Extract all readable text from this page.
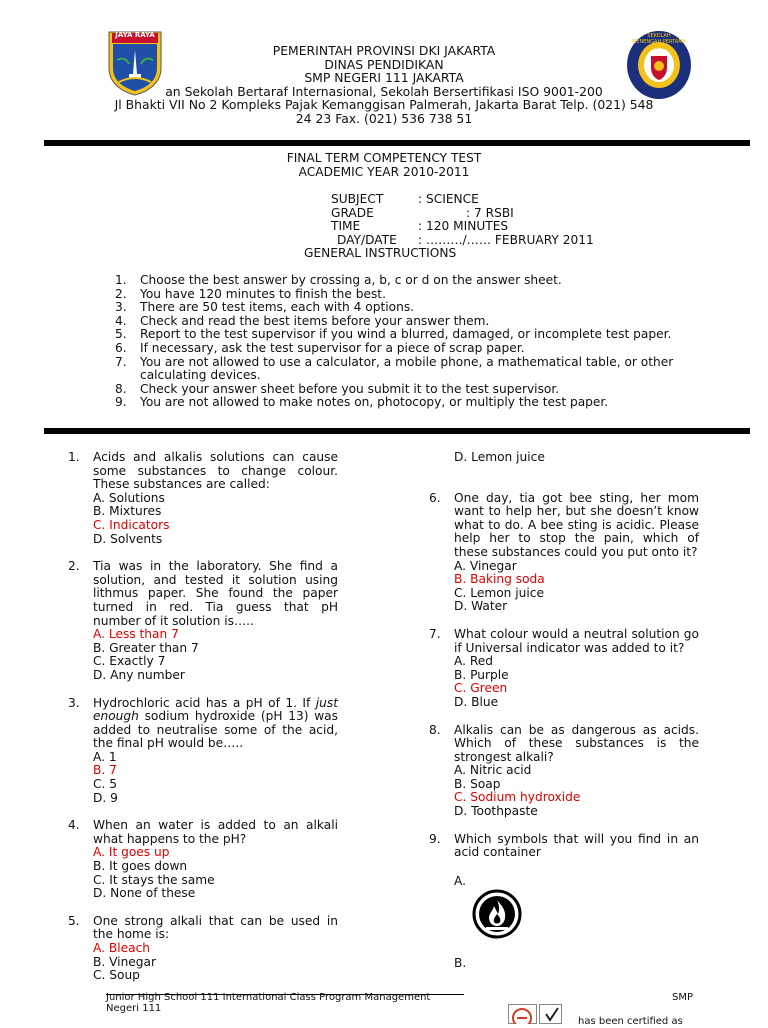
JAYA RAYA	SEKOLAH MENENGAH PERTAMA JAKARTA
PEMERINTAH PROVINSI DKI JAKARTA
DINAS PENDIDIKAN
SMP NEGERI 111 JAKARTA
an Sekolah Bertaraf Internasional, Sekolah Bersertifikasi ISO 9001-200
Jl Bhakti VII No 2 Kompleks Pajak Kemanggisan Palmerah, Jakarta Barat Telp. (021) 548
24 23 Fax. (021) 536 738 51
FINAL TERM COMPETENCY TEST
ACADEMIC YEAR 2010-2011
SUBJECT	: SCIENCE
GRADE	: 7 RSBI
TIME	: 120 MINUTES
DAY/DATE : ………/…… FEBRUARY 2011
GENERAL INSTRUCTIONS
1. Choose the best answer by crossing a, b, c or d on the answer sheet.
2. You have 120 minutes to finish the best.
3. There are 50 test items, each with 4 options.
4. Check and read the best items before your answer them.
5. Report to the test supervisor if you wind a blurred, damaged, or incomplete test paper.
6. If necessary, ask the test supervisor for a piece of scrap paper.
7. You are not allowed to use a calculator, a mobile phone, a mathematical table, or other calculating devices.
8. Check your answer sheet before you submit it to the test supervisor.
9. You are not allowed to make notes on, photocopy, or multiply the test paper.
1. Acids and alkalis solutions can cause some substances to change colour. These substances are called:
A. Solutions
B. Mixtures
C. Indicators
D. Solvents
2. Tia was in the laboratory. She find a solution, and tested it solution using lithmus paper. She found the paper turned in red. Tia guess that pH number of it solution is…..
A. Less than 7
B. Greater than 7
C. Exactly 7
D. Any number
3. Hydrochloric acid has a pH of 1. If just enough sodium hydroxide (pH 13) was added to neutralise some of the acid, the final pH would be…..
A. 1
B. 7
C. 5
D. 9
4. When an water is added to an alkali what happens to the pH?
A. It goes up
B. It goes down
C. It stays the same
D. None of these
5. One strong alkali that can be used in the home is:
A. Bleach
B. Vinegar
C. Soup
D. Lemon juice
6. One day, tia got bee sting, her mom want to help her, but she doesn’t know what to do. A bee sting is acidic. Please help her to stop the pain, which of these substances could you put onto it?
A. Vinegar
B. Baking soda
C. Lemon juice
D. Water
7. What colour would a neutral solution go if Universal indicator was added to it?
A. Red
B. Purple
C. Green
D. Blue
8. Alkalis can be as dangerous as acids. Which of these substances is the strongest alkali?
A. Nitric acid
B. Soap
C. Sodium hydroxide
D. Toothpaste
9. Which symbols that will you find in an acid container
A.
B.
Junior High School 111 International Class Program Management
Negeri 111
SMP
has been certified as
